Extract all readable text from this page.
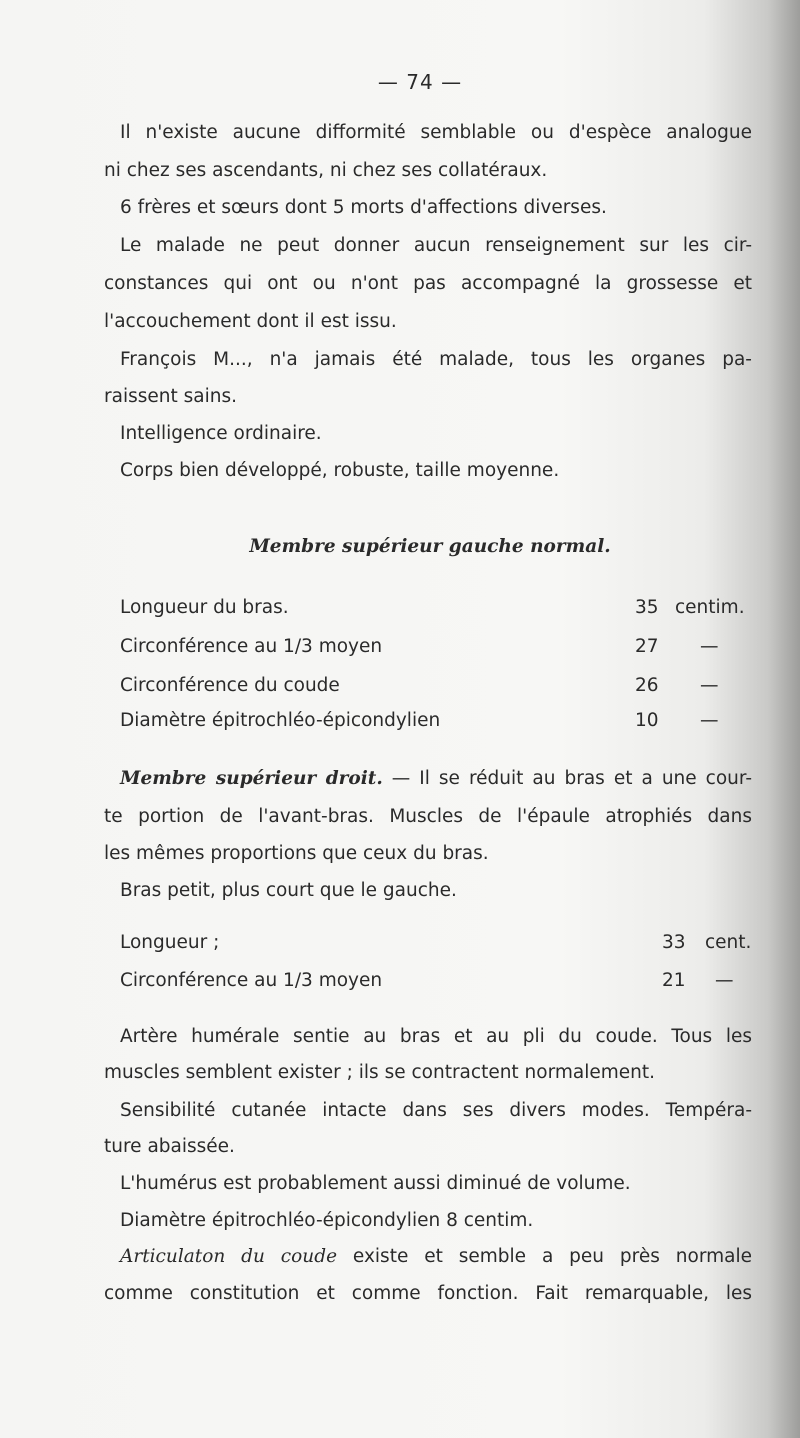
— 74 —
Il n'existe aucune difformité semblable ou d'espèce analogue
ni chez ses ascendants, ni chez ses collatéraux.
6 frères et sœurs dont 5 morts d'affections diverses.
Le malade ne peut donner aucun renseignement sur les cir-
constances qui ont ou n'ont pas accompagné la grossesse et
l'accouchement dont il est issu.
François M..., n'a jamais été malade, tous les organes pa-
raissent sains.
Intelligence ordinaire.
Corps bien développé, robuste, taille moyenne.
Membre supérieur gauche normal.
Longueur du bras.	35 centim.
Circonférence au 1/3 moyen	27 —
Circonférence du coude	26 —
Diamètre épitrochléo-épicondylien	10 —
Membre supérieur droit. — Il se réduit au bras et a une cour-
te portion de l'avant-bras. Muscles de l'épaule atrophiés dans
les mêmes proportions que ceux du bras.
Bras petit, plus court que le gauche.
Longueur ;	33 cent.
Circonférence au 1/3 moyen	21 —
Artère humérale sentie au bras et au pli du coude. Tous les
muscles semblent exister ; ils se contractent normalement.
Sensibilité cutanée intacte dans ses divers modes. Tempéra-
ture abaissée.
L'humérus est probablement aussi diminué de volume.
Diamètre épitrochléo-épicondylien 8 centim.
Articulaton du coude existe et semble a peu près normale
comme constitution et comme fonction. Fait remarquable, les
